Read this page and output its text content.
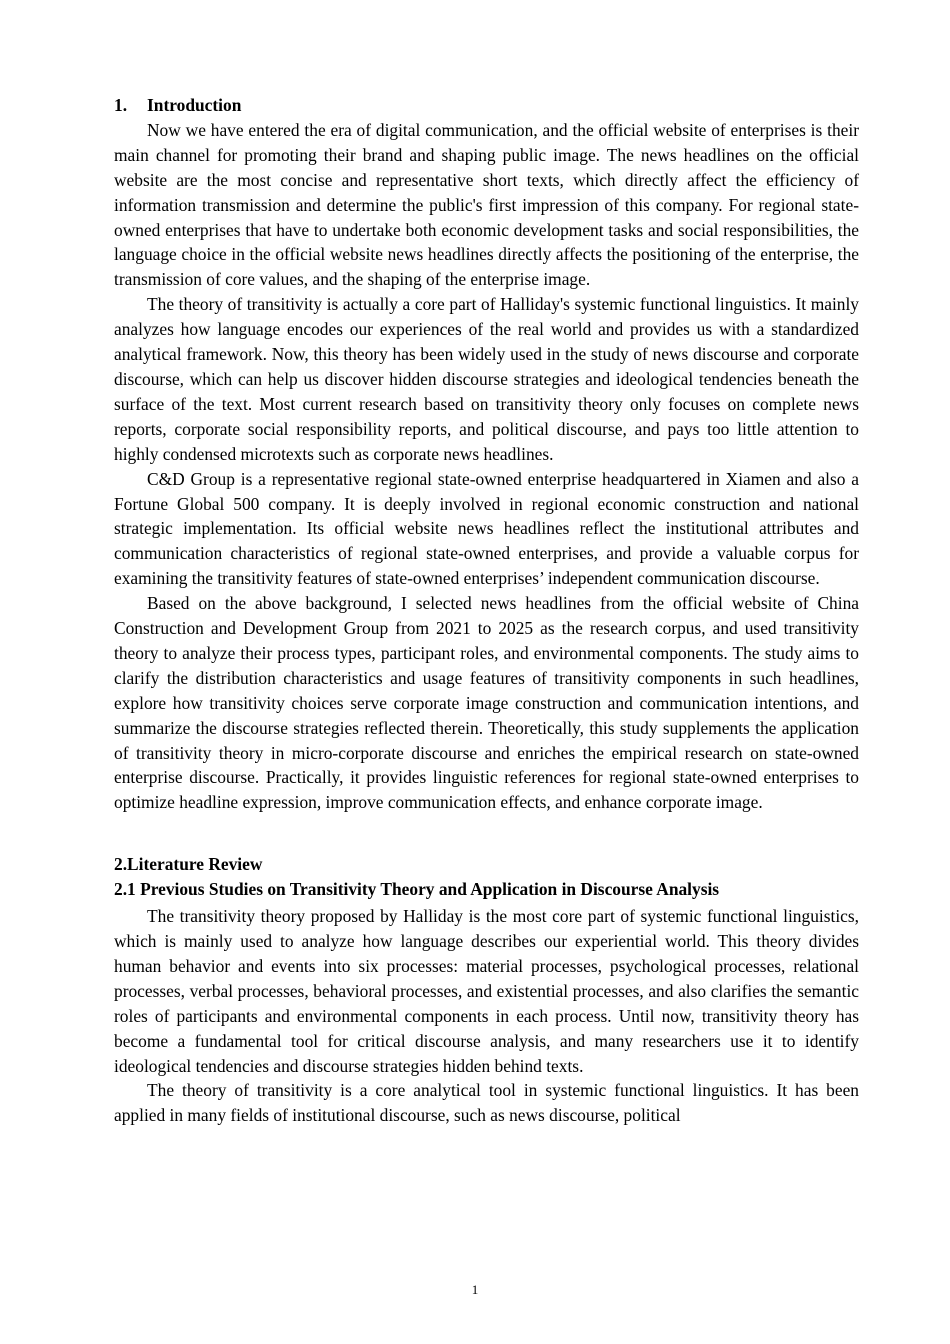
1.	Introduction

Now we have entered the era of digital communication, and the official website of enterprises is their main channel for promoting their brand and shaping public image. The news headlines on the official website are the most concise and representative short texts, which directly affect the efficiency of information transmission and determine the public's first impression of this company. For regional state-owned enterprises that have to undertake both economic development tasks and social responsibilities, the language choice in the official website news headlines directly affects the positioning of the enterprise, the transmission of core values, and the shaping of the enterprise image.

The theory of transitivity is actually a core part of Halliday's systemic functional linguistics. It mainly analyzes how language encodes our experiences of the real world and provides us with a standardized analytical framework. Now, this theory has been widely used in the study of news discourse and corporate discourse, which can help us discover hidden discourse strategies and ideological tendencies beneath the surface of the text. Most current research based on transitivity theory only focuses on complete news reports, corporate social responsibility reports, and political discourse, and pays too little attention to highly condensed microtexts such as corporate news headlines.

C&D Group is a representative regional state-owned enterprise headquartered in Xiamen and also a Fortune Global 500 company. It is deeply involved in regional economic construction and national strategic implementation. Its official website news headlines reflect the institutional attributes and communication characteristics of regional state-owned enterprises, and provide a valuable corpus for examining the transitivity features of state-owned enterprises’ independent communication discourse.

Based on the above background, I selected news headlines from the official website of China Construction and Development Group from 2021 to 2025 as the research corpus, and used transitivity theory to analyze their process types, participant roles, and environmental components. The study aims to clarify the distribution characteristics and usage features of transitivity components in such headlines, explore how transitivity choices serve corporate image construction and communication intentions, and summarize the discourse strategies reflected therein. Theoretically, this study supplements the application of transitivity theory in micro-corporate discourse and enriches the empirical research on state-owned enterprise discourse. Practically, it provides linguistic references for regional state-owned enterprises to optimize headline expression, improve communication effects, and enhance corporate image.

2.Literature Review
2.1 Previous Studies on Transitivity Theory and Application in Discourse Analysis

The transitivity theory proposed by Halliday is the most core part of systemic functional linguistics, which is mainly used to analyze how language describes our experiential world. This theory divides human behavior and events into six processes: material processes, psychological processes, relational processes, verbal processes, behavioral processes, and existential processes, and also clarifies the semantic roles of participants and environmental components in each process. Until now, transitivity theory has become a fundamental tool for critical discourse analysis, and many researchers use it to identify ideological tendencies and discourse strategies hidden behind texts.

The theory of transitivity is a core analytical tool in systemic functional linguistics. It has been applied in many fields of institutional discourse, such as news discourse, political

1
